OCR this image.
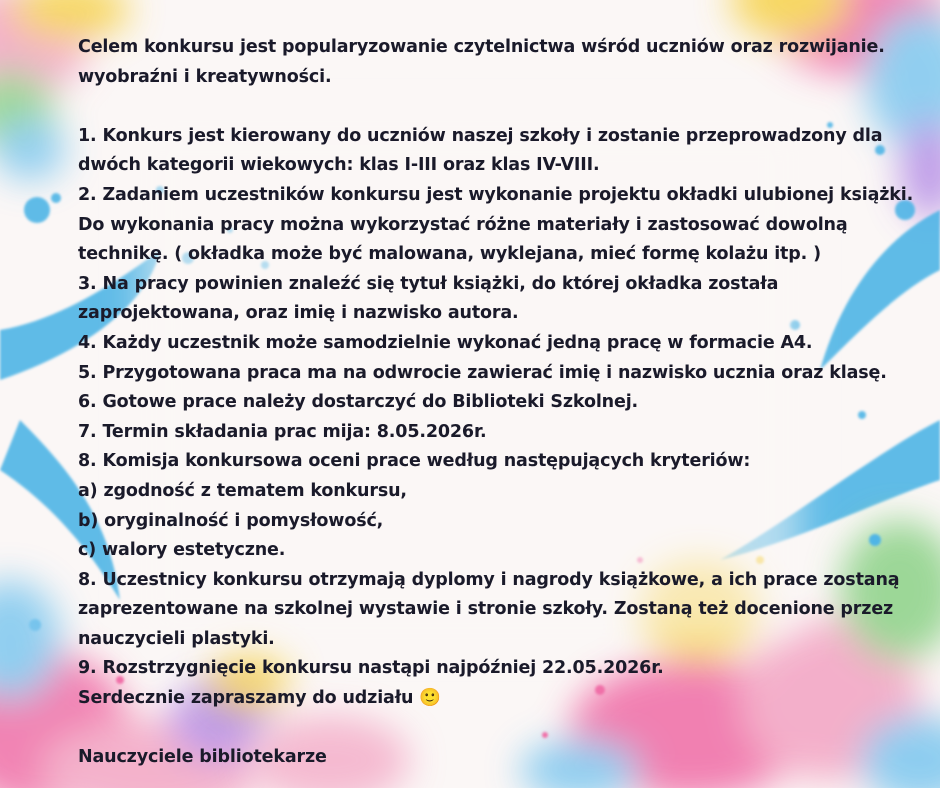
Celem konkursu jest popularyzowanie czytelnictwa wśród uczniów oraz rozwijanie.
wyobraźni i kreatywności.
1. Konkurs jest kierowany do uczniów naszej szkoły i zostanie przeprowadzony dla
dwóch kategorii wiekowych: klas I-III oraz klas IV-VIII.
2. Zadaniem uczestników konkursu jest wykonanie projektu okładki ulubionej książki.
Do wykonania pracy można wykorzystać różne materiały i zastosować dowolną
technikę. ( okładka może być malowana, wyklejana, mieć formę kolażu itp. )
3. Na pracy powinien znaleźć się tytuł książki, do której okładka została
zaprojektowana, oraz imię i nazwisko autora.
4. Każdy uczestnik może samodzielnie wykonać jedną pracę w formacie A4.
5. Przygotowana praca ma na odwrocie zawierać imię i nazwisko ucznia oraz klasę.
6. Gotowe prace należy dostarczyć do Biblioteki Szkolnej.
7. Termin składania prac mija: 8.05.2026r.
8. Komisja konkursowa oceni prace według następujących kryteriów:
a) zgodność z tematem konkursu,
b) oryginalność i pomysłowość,
c) walory estetyczne.
8. Uczestnicy konkursu otrzymają dyplomy i nagrody książkowe, a ich prace zostaną
zaprezentowane na szkolnej wystawie i stronie szkoły. Zostaną też docenione przez
nauczycieli plastyki.
9. Rozstrzygnięcie konkursu nastąpi najpóźniej 22.05.2026r.
Serdecznie zapraszamy do udziału 🙂
Nauczyciele bibliotekarze
